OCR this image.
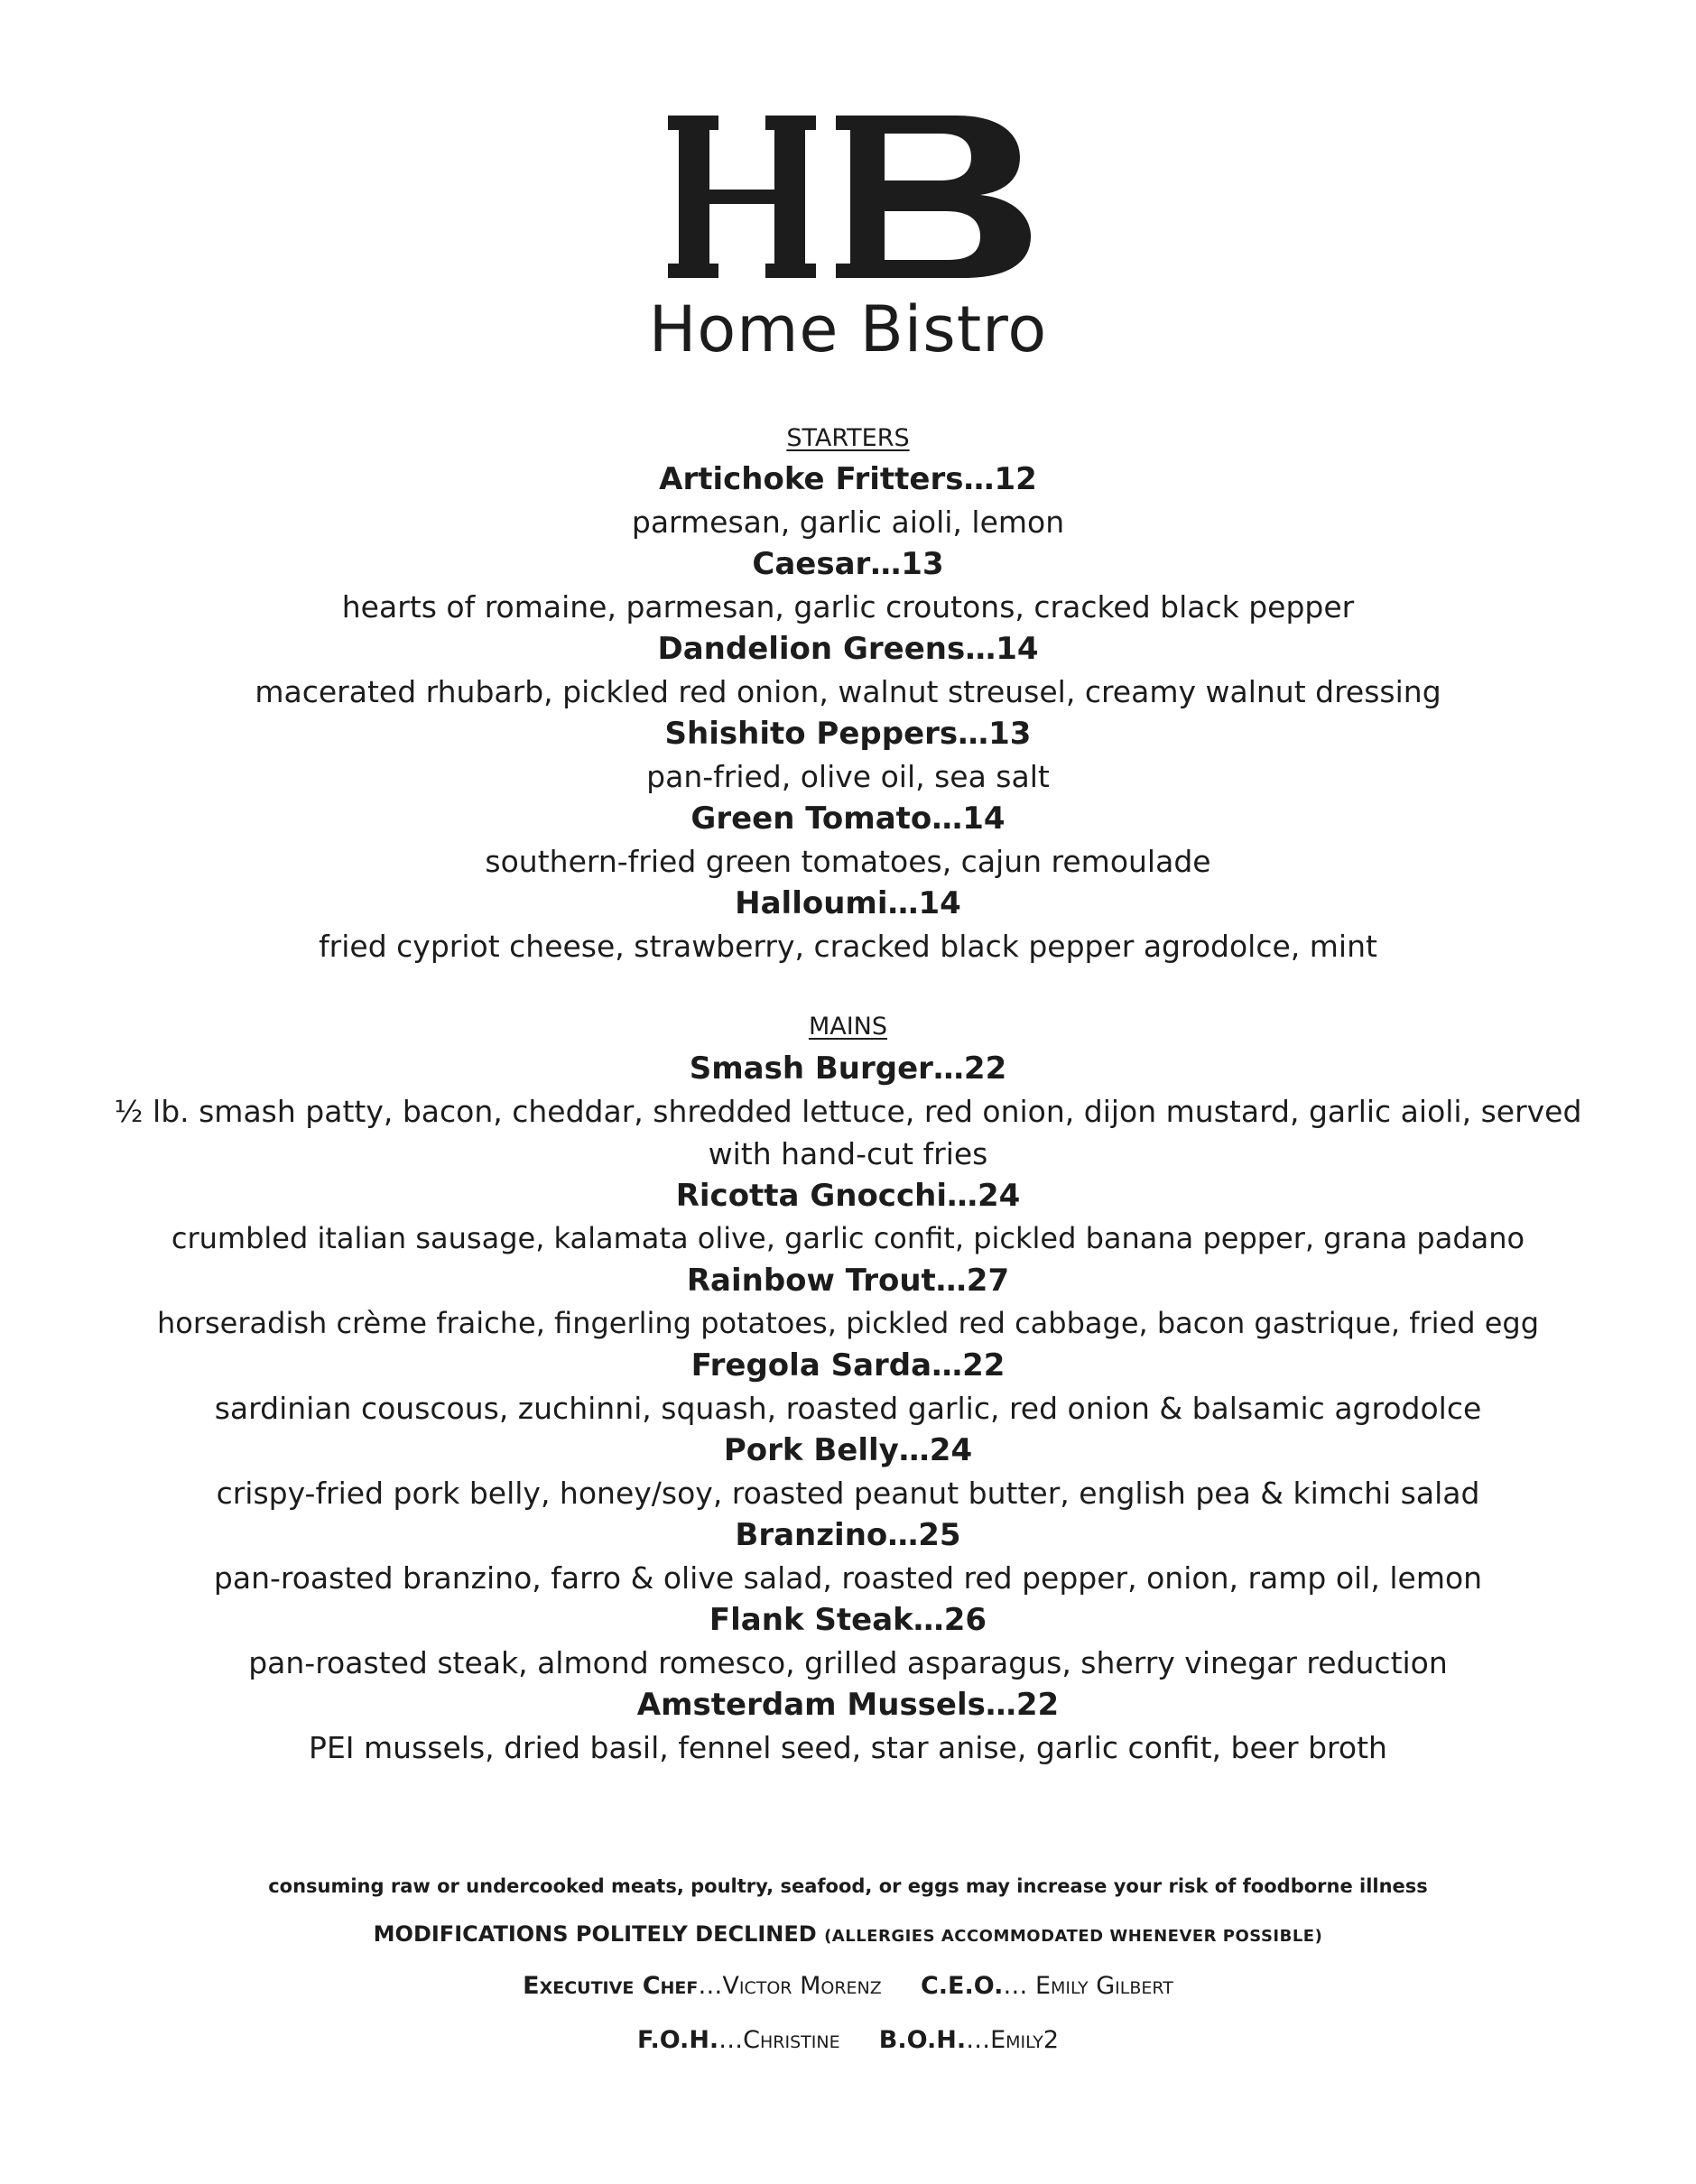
Home Bistro
STARTERS
Artichoke Fritters…12
parmesan, garlic aioli, lemon
Caesar…13
hearts of romaine, parmesan, garlic croutons, cracked black pepper
Dandelion Greens…14
macerated rhubarb, pickled red onion, walnut streusel, creamy walnut dressing
Shishito Peppers…13
pan-fried, olive oil, sea salt
Green Tomato…14
southern-fried green tomatoes, cajun remoulade
Halloumi…14
fried cypriot cheese, strawberry, cracked black pepper agrodolce, mint
MAINS
Smash Burger…22
½ lb. smash patty, bacon, cheddar, shredded lettuce, red onion, dijon mustard, garlic aioli, served with hand-cut fries
Ricotta Gnocchi…24
crumbled italian sausage, kalamata olive, garlic confit, pickled banana pepper, grana padano
Rainbow Trout…27
horseradish crème fraiche, fingerling potatoes, pickled red cabbage, bacon gastrique, fried egg
Fregola Sarda…22
sardinian couscous, zuchinni, squash, roasted garlic, red onion & balsamic agrodolce
Pork Belly…24
crispy-fried pork belly, honey/soy, roasted peanut butter, english pea & kimchi salad
Branzino…25
pan-roasted branzino, farro & olive salad, roasted red pepper, onion, ramp oil, lemon
Flank Steak…26
pan-roasted steak, almond romesco, grilled asparagus, sherry vinegar reduction
Amsterdam Mussels…22
PEI mussels, dried basil, fennel seed, star anise, garlic confit, beer broth
consuming raw or undercooked meats, poultry, seafood, or eggs may increase your risk of foodborne illness
MODIFICATIONS POLITELY DECLINED (ALLERGIES ACCOMMODATED WHENEVER POSSIBLE)
Executive Chef…Victor Morenz C.E.O.… Emily Gilbert
F.O.H.…Christine B.O.H.…Emily2
